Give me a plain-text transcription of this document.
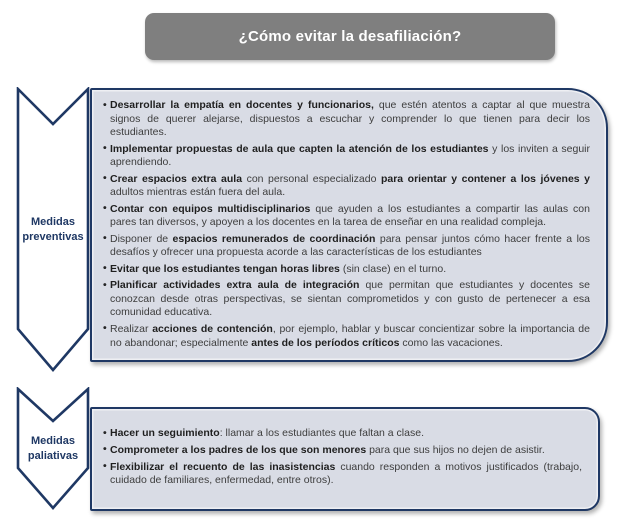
¿Cómo evitar la desafiliación?
Medidas
preventivas
• Desarrollar la empatía en docentes y funcionarios, que estén atentos a captar al que muestra signos de querer alejarse, dispuestos a escuchar y comprender lo que tienen para decir los estudiantes.
• Implementar propuestas de aula que capten la atención de los estudiantes y los inviten a seguir aprendiendo.
• Crear espacios extra aula con personal especializado para orientar y contener a los jóvenes y adultos mientras están fuera del aula.
• Contar con equipos multidisciplinarios que ayuden a los estudiantes a compartir las aulas con pares tan diversos, y apoyen a los docentes en la tarea de enseñar en una realidad compleja.
• Disponer de espacios remunerados de coordinación para pensar juntos cómo hacer frente a los desafíos y ofrecer una propuesta acorde a las características de los estudiantes
• Evitar que los estudiantes tengan horas libres (sin clase) en el turno.
• Planificar actividades extra aula de integración que permitan que estudiantes y docentes se conozcan desde otras perspectivas, se sientan comprometidos y con gusto de pertenecer a esa comunidad educativa.
• Realizar acciones de contención, por ejemplo, hablar y buscar concientizar sobre la importancia de no abandonar; especialmente antes de los períodos críticos como las vacaciones.
Medidas
paliativas
• Hacer un seguimiento: llamar a los estudiantes que faltan a clase.
• Comprometer a los padres de los que son menores para que sus hijos no dejen de asistir.
• Flexibilizar el recuento de las inasistencias cuando responden a motivos justificados (trabajo, cuidado de familiares, enfermedad, entre otros).
